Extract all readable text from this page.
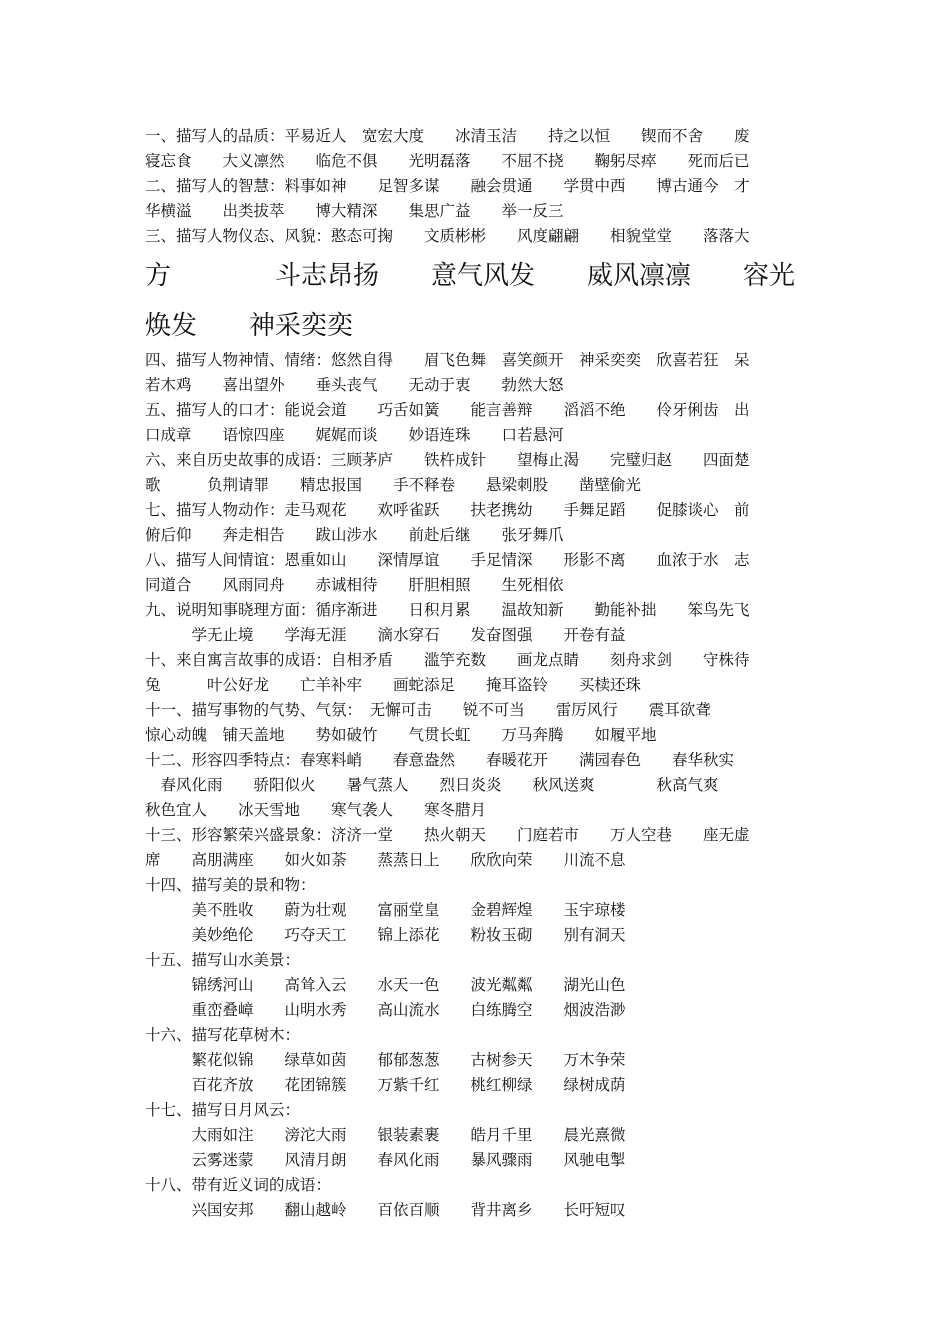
一、描写人的品质：平易近人　宽宏大度　　冰清玉洁　　持之以恒　　锲而不舍　　废
寝忘食　　大义凛然　　临危不俱　　光明磊落　　不屈不挠　　鞠躬尽瘁　　死而后已
二、描写人的智慧：料事如神　　足智多谋　　融会贯通　　学贯中西　　博古通今　才
华横溢　　出类拔萃　　博大精深　　集思广益　　举一反三
三、描写人物仪态、风貌：憨态可掬　　文质彬彬　　风度翩翩　　相貌堂堂　　落落大
方　　　　斗志昂扬　　意气风发　　威风凛凛　　容光
焕发　　神采奕奕
四、描写人物神情、情绪：悠然自得　　眉飞色舞　喜笑颜开　神采奕奕　欣喜若狂　呆
若木鸡　　喜出望外　　垂头丧气　　无动于衷　　勃然大怒
五、描写人的口才：能说会道　　巧舌如簧　　能言善辩　　滔滔不绝　　伶牙俐齿　出
口成章　　语惊四座　　娓娓而谈　　妙语连珠　　口若悬河
六、来自历史故事的成语：三顾茅庐　　铁杵成针　　望梅止渴　　完璧归赵　　四面楚
歌　　　负荆请罪　　精忠报国　　手不释卷　　悬梁刺股　　凿壁偷光
七、描写人物动作：走马观花　　欢呼雀跃　　扶老携幼　　手舞足蹈　　促膝谈心　前
俯后仰　　奔走相告　　跋山涉水　　前赴后继　　张牙舞爪
八、描写人间情谊：恩重如山　　深情厚谊　　手足情深　　形影不离　　血浓于水　志
同道合　　风雨同舟　　赤诚相待　　肝胆相照　　生死相依
九、说明知事晓理方面：循序渐进　　日积月累　　温故知新　　勤能补拙　　笨鸟先飞
　　　学无止境　　学海无涯　　滴水穿石　　发奋图强　　开卷有益
十、来自寓言故事的成语：自相矛盾　　滥竽充数　　画龙点睛　　刻舟求剑　　守株待
兔　　　叶公好龙　　亡羊补牢　　画蛇添足　　掩耳盗铃　　买椟还珠
十一、描写事物的气势、气氛：　无懈可击　　锐不可当　　雷厉风行　　震耳欲聋
惊心动魄　铺天盖地　　势如破竹　　气贯长虹　　万马奔腾　　如履平地
十二、形容四季特点：春寒料峭　　春意盎然　　春暖花开　　满园春色　　春华秋实
　春风化雨　　骄阳似火　　暑气蒸人　　烈日炎炎　　秋风送爽　　　　秋高气爽
秋色宜人　　冰天雪地　　寒气袭人　　寒冬腊月
十三、形容繁荣兴盛景象：济济一堂　　热火朝天　　门庭若市　　万人空巷　　座无虚
席　　高朋满座　　如火如荼　　蒸蒸日上　　欣欣向荣　　川流不息
十四、描写美的景和物：
　　　美不胜收　　蔚为壮观　　富丽堂皇　　金碧辉煌　　玉宇琼楼
　　　美妙绝伦　　巧夺天工　　锦上添花　　粉妆玉砌　　别有洞天
十五、描写山水美景：
　　　锦绣河山　　高耸入云　　水天一色　　波光粼粼　　湖光山色
　　　重峦叠嶂　　山明水秀　　高山流水　　白练腾空　　烟波浩渺
十六、描写花草树木：
　　　繁花似锦　　绿草如茵　　郁郁葱葱　　古树参天　　万木争荣
　　　百花齐放　　花团锦簇　　万紫千红　　桃红柳绿　　绿树成荫
十七、描写日月风云：
　　　大雨如注　　滂沱大雨　　银装素裹　　皓月千里　　晨光熹微
　　　云雾迷蒙　　风清月朗　　春风化雨　　暴风骤雨　　风驰电掣
十八、带有近义词的成语：
　　　兴国安邦　　翻山越岭　　百依百顺　　背井离乡　　长吁短叹
